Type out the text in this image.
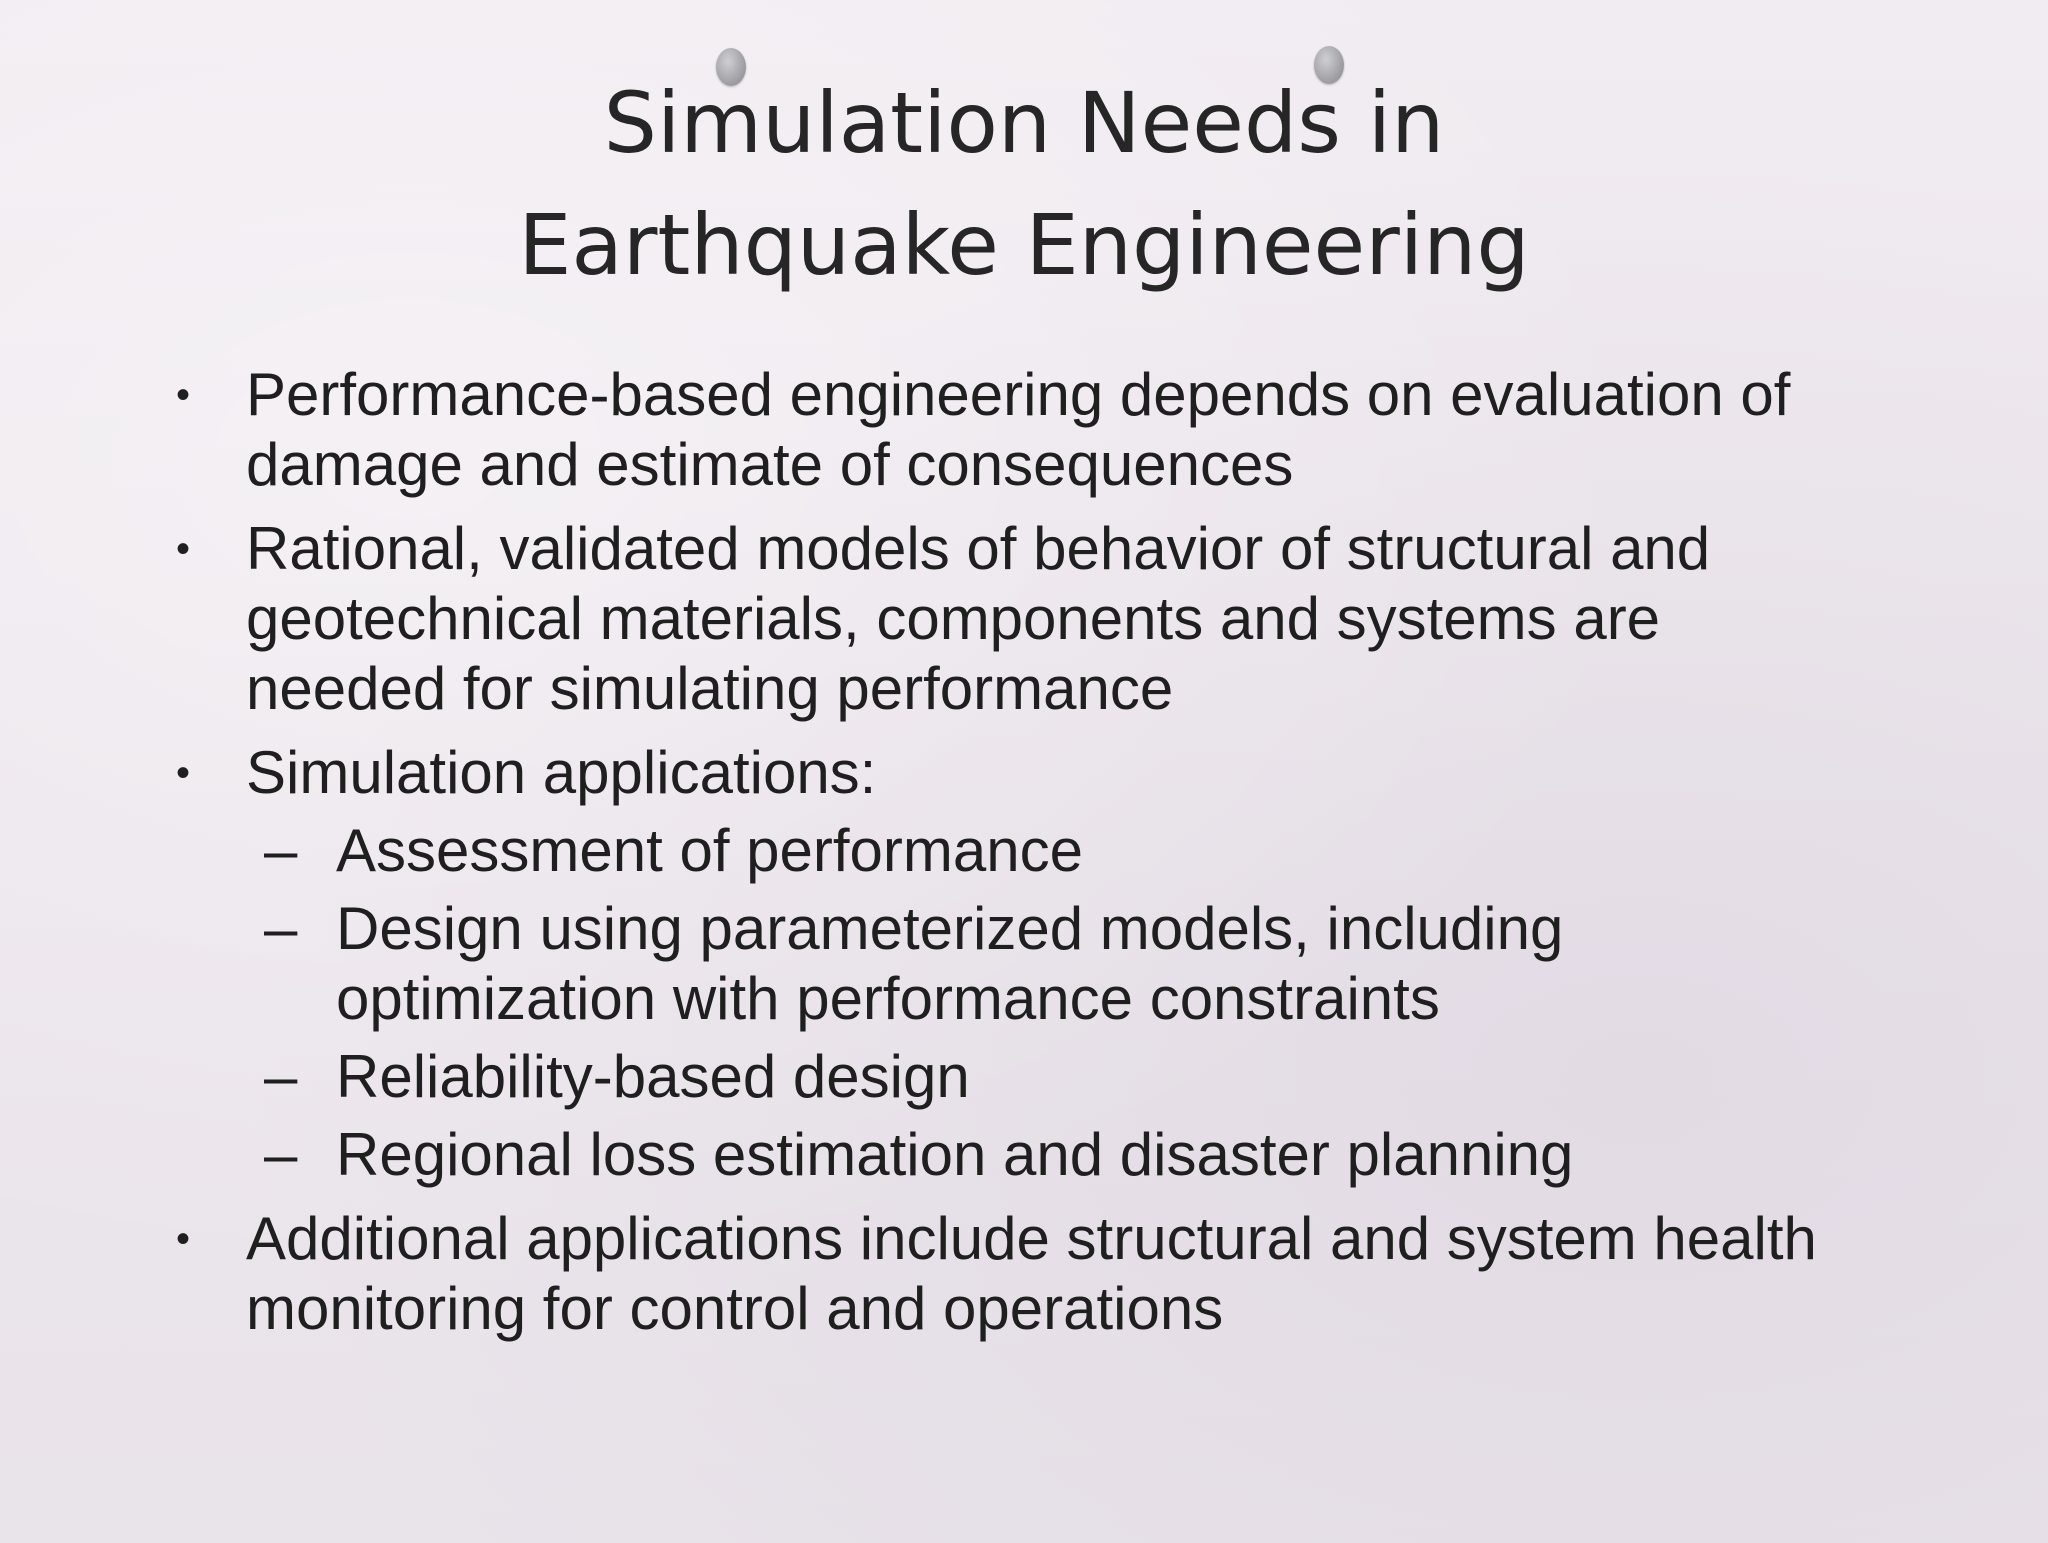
Simulation Needs in
Earthquake Engineering
• Performance-based engineering depends on evaluation of damage and estimate of consequences
• Rational, validated models of behavior of structural and geotechnical materials, components and systems are needed for simulating performance
• Simulation applications:
– Assessment of performance
– Design using parameterized models, including optimization with performance constraints
– Reliability-based design
– Regional loss estimation and disaster planning
• Additional applications include structural and system health monitoring for control and operations
